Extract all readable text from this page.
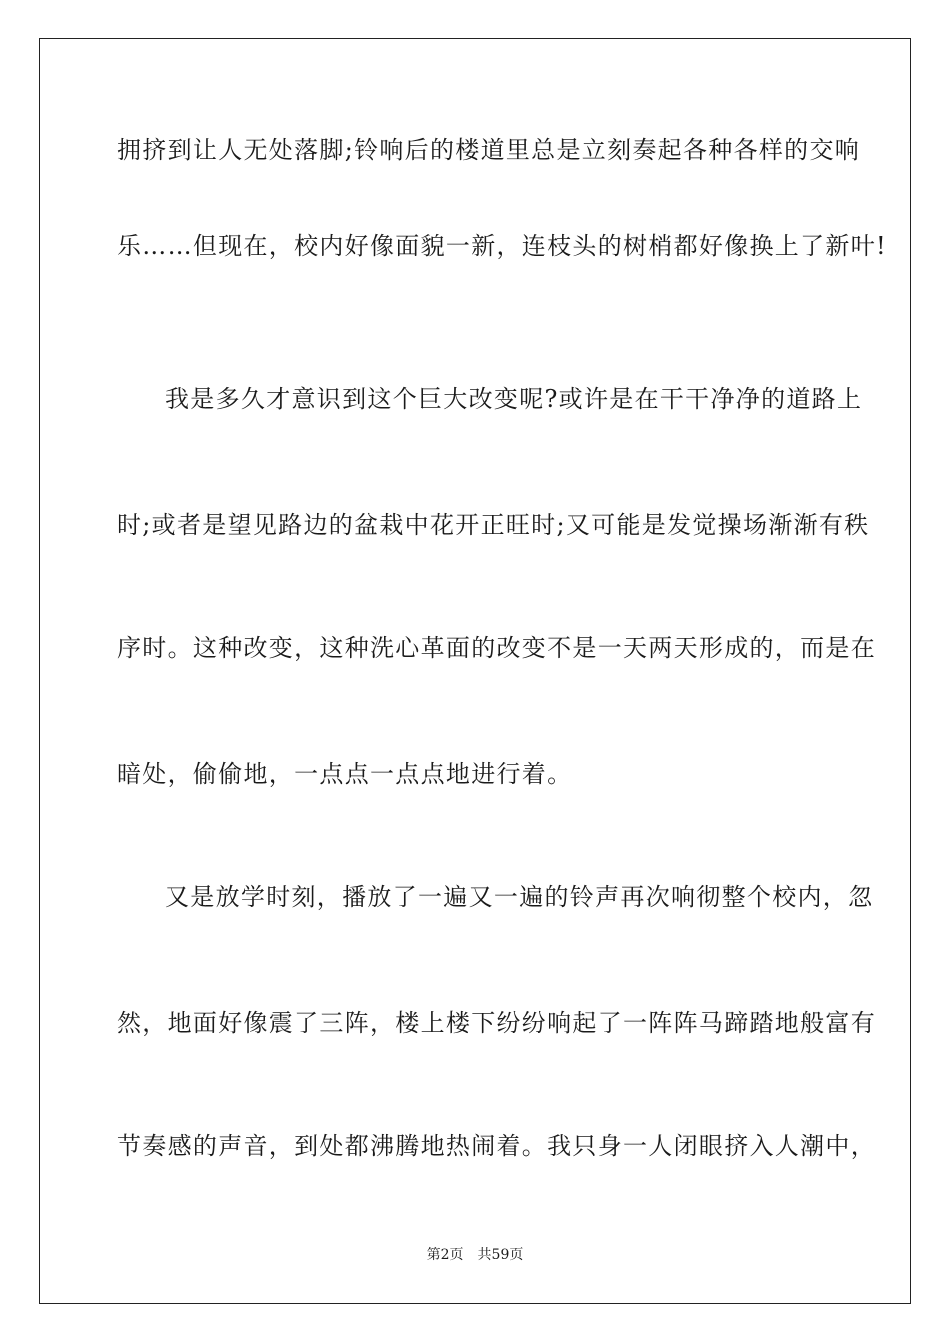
拥挤到让人无处落脚;铃响后的楼道里总是立刻奏起各种各样的交响
乐……但现在，校内好像面貌一新，连枝头的树梢都好像换上了新叶!
我是多久才意识到这个巨大改变呢?或许是在干干净净的道路上
时;或者是望见路边的盆栽中花开正旺时;又可能是发觉操场渐渐有秩
序时。这种改变，这种洗心革面的改变不是一天两天形成的，而是在
暗处，偷偷地，一点点一点点地进行着。
又是放学时刻，播放了一遍又一遍的铃声再次响彻整个校内，忽
然，地面好像震了三阵，楼上楼下纷纷响起了一阵阵马蹄踏地般富有
节奏感的声音，到处都沸腾地热闹着。我只身一人闭眼挤入人潮中，
第2页　共59页
